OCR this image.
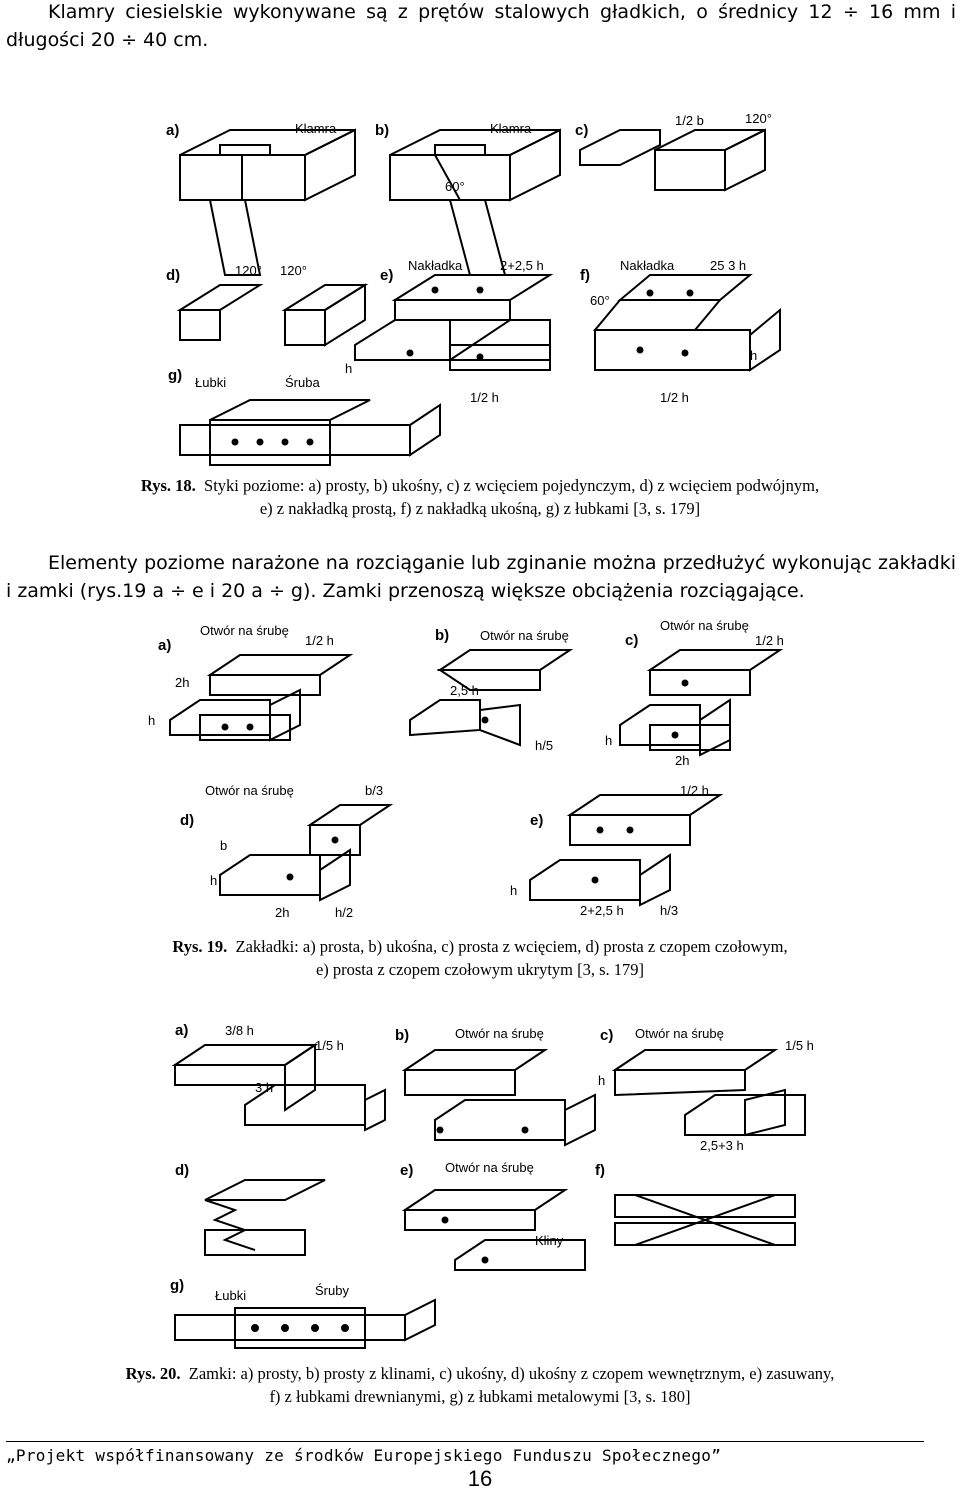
Klamry ciesielskie wykonywane są z prętów stalowych gładkich, o średnicy 12 ÷ 16 mm i długości 20 ÷ 40 cm.
a)	Klamra	b)	Klamra
60°
c)
1/2 b	120°
d)	120° 120°	e)
Nakładka	2+2,5 h
h
f)
Nakładka	25 3 h
60°
h
1/2 h	1/2 h
g) Łubki	Śruba
Rys. 18. Styki poziome: a) prosty, b) ukośny, c) z wcięciem pojedynczym, d) z wcięciem podwójnym,
e) z nakładką prostą, f) z nakładką ukośną, g) z łubkami [3, s. 179]
Elementy poziome narażone na rozciąganie lub zginanie można przedłużyć wykonując zakładki i zamki (rys.19 a ÷ e i 20 a ÷ g). Zamki przenoszą większe obciążenia rozciągające.
a)
Otwór na śrubę
1/2 h
2h
h
b) Otwór na śrubę
2,5 h
h/5
c)
Otwór na śrubę
1/2 h
h
2h
d)
Otwór na śrubę	b/3
b
h
2h	h/2
e)
1/2 h
h
2+2,5 h	h/3
Rys. 19. Zakładki: a) prosta, b) ukośna, c) prosta z wcięciem, d) prosta z czopem czołowym,
e) prosta z czopem czołowym ukrytym [3, s. 179]
a)	3/8 h
1/5 h
3 h
b)	Otwór na śrubę	c) Otwór na śrubę
1/5 h
h
2,5+3 h
d)	e) Otwór na śrubę
Kliny
f)
g)
Łubki	Śruby
Rys. 20. Zamki: a) prosty, b) prosty z klinami, c) ukośny, d) ukośny z czopem wewnętrznym, e) zasuwany,
f) z łubkami drewnianymi, g) z łubkami metalowymi [3, s. 180]
„Projekt współfinansowany ze środków Europejskiego Funduszu Społecznego”
16
